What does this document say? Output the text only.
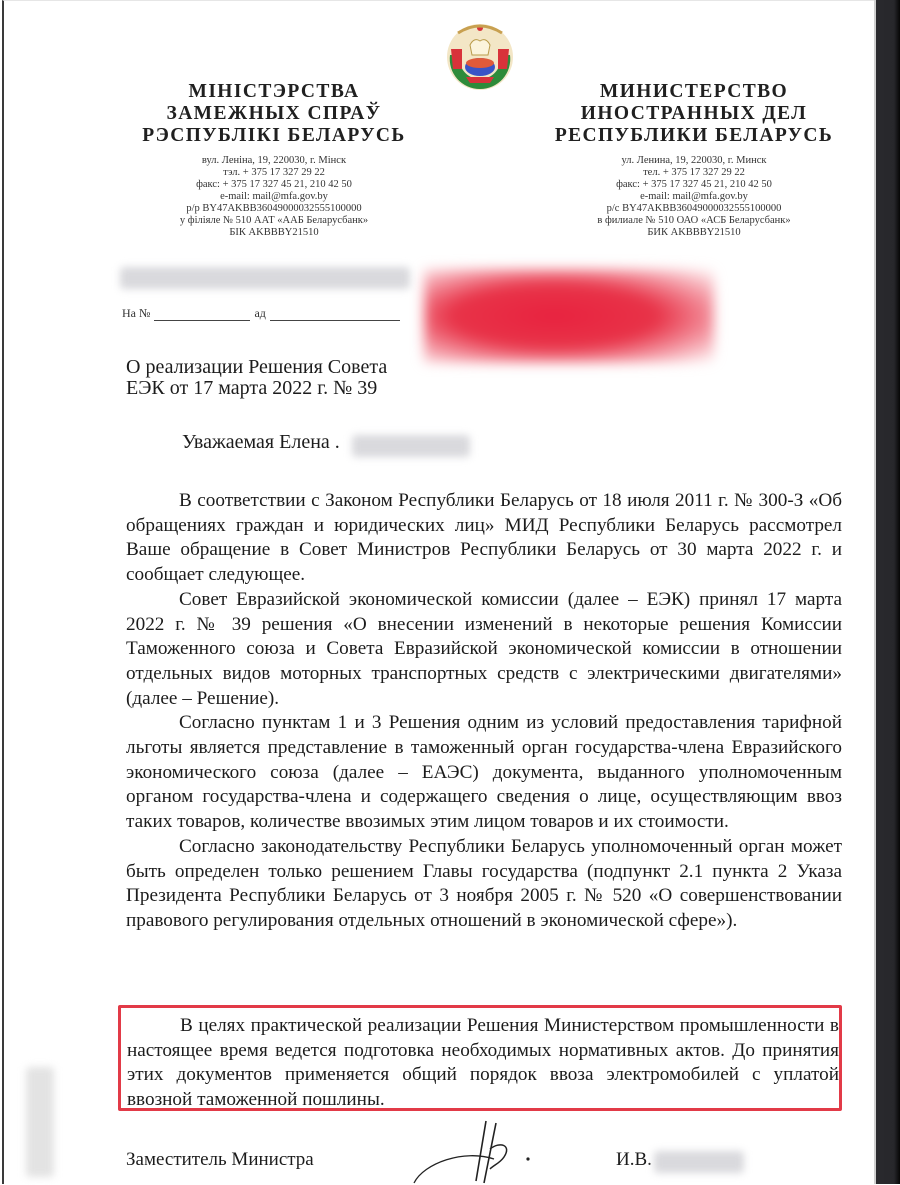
МІНІСТЭРСТВА
ЗАМЕЖНЫХ СПРАЎ
РЭСПУБЛІКІ БЕЛАРУСЬ
вул. Леніна, 19, 220030, г. Мінск
тэл. + 375 17 327 29 22
факс: + 375 17 327 45 21, 210 42 50
e-mail: mail@mfa.gov.by
р/р BY47AKBB36049000032555100000
у філіяле № 510 ААТ «ААБ Беларусбанк»
БІК AKBBBY21510
МИНИСТЕРСТВО
ИНОСТРАННЫХ ДЕЛ
РЕСПУБЛИКИ БЕЛАРУСЬ
ул. Ленина, 19, 220030, г. Минск
тел. + 375 17 327 29 22
факс: + 375 17 327 45 21, 210 42 50
e-mail: mail@mfa.gov.by
р/с BY47AKBB36049000032555100000
в филиале № 510 ОАО «АСБ Беларусбанк»
БИК AKBBBY21510
На №	ад
О реализации Решения Совета
ЕЭК от 17 марта 2022 г. № 39
Уважаемая Елена .

В соответствии с Законом Республики Беларусь от 18 июля 2011 г. № 300-З «Об обращениях граждан и юридических лиц» МИД Республики Беларусь рассмотрел Ваше обращение в Совет Министров Республики Беларусь от 30 марта 2022 г. и сообщает следующее.

Совет Евразийской экономической комиссии (далее – ЕЭК) принял 17 марта 2022 г. № 39 решения «О внесении изменений в некоторые решения Комиссии Таможенного союза и Совета Евразийской экономической комиссии в отношении отдельных видов моторных транспортных средств с электрическими двигателями» (далее – Решение).

Согласно пунктам 1 и 3 Решения одним из условий предоставления тарифной льготы является представление в таможенный орган государства-члена Евразийского экономического союза (далее – ЕАЭС) документа, выданного уполномоченным органом государства-члена и содержащего сведения о лице, осуществляющим ввоз таких товаров, количестве ввозимых этим лицом товаров и их стоимости.

Согласно законодательству Республики Беларусь уполномоченный орган может быть определен только решением Главы государства (подпункт 2.1 пункта 2 Указа Президента Республики Беларусь от 3 ноября 2005 г. № 520 «О совершенствовании правового регулирования отдельных отношений в экономической сфере»).

В целях практической реализации Решения Министерством промышленности в настоящее время ведется подготовка необходимых нормативных актов. До принятия этих документов применяется общий порядок ввоза электромобилей с уплатой ввозной таможенной пошлины.

Заместитель Министра	И.В.
